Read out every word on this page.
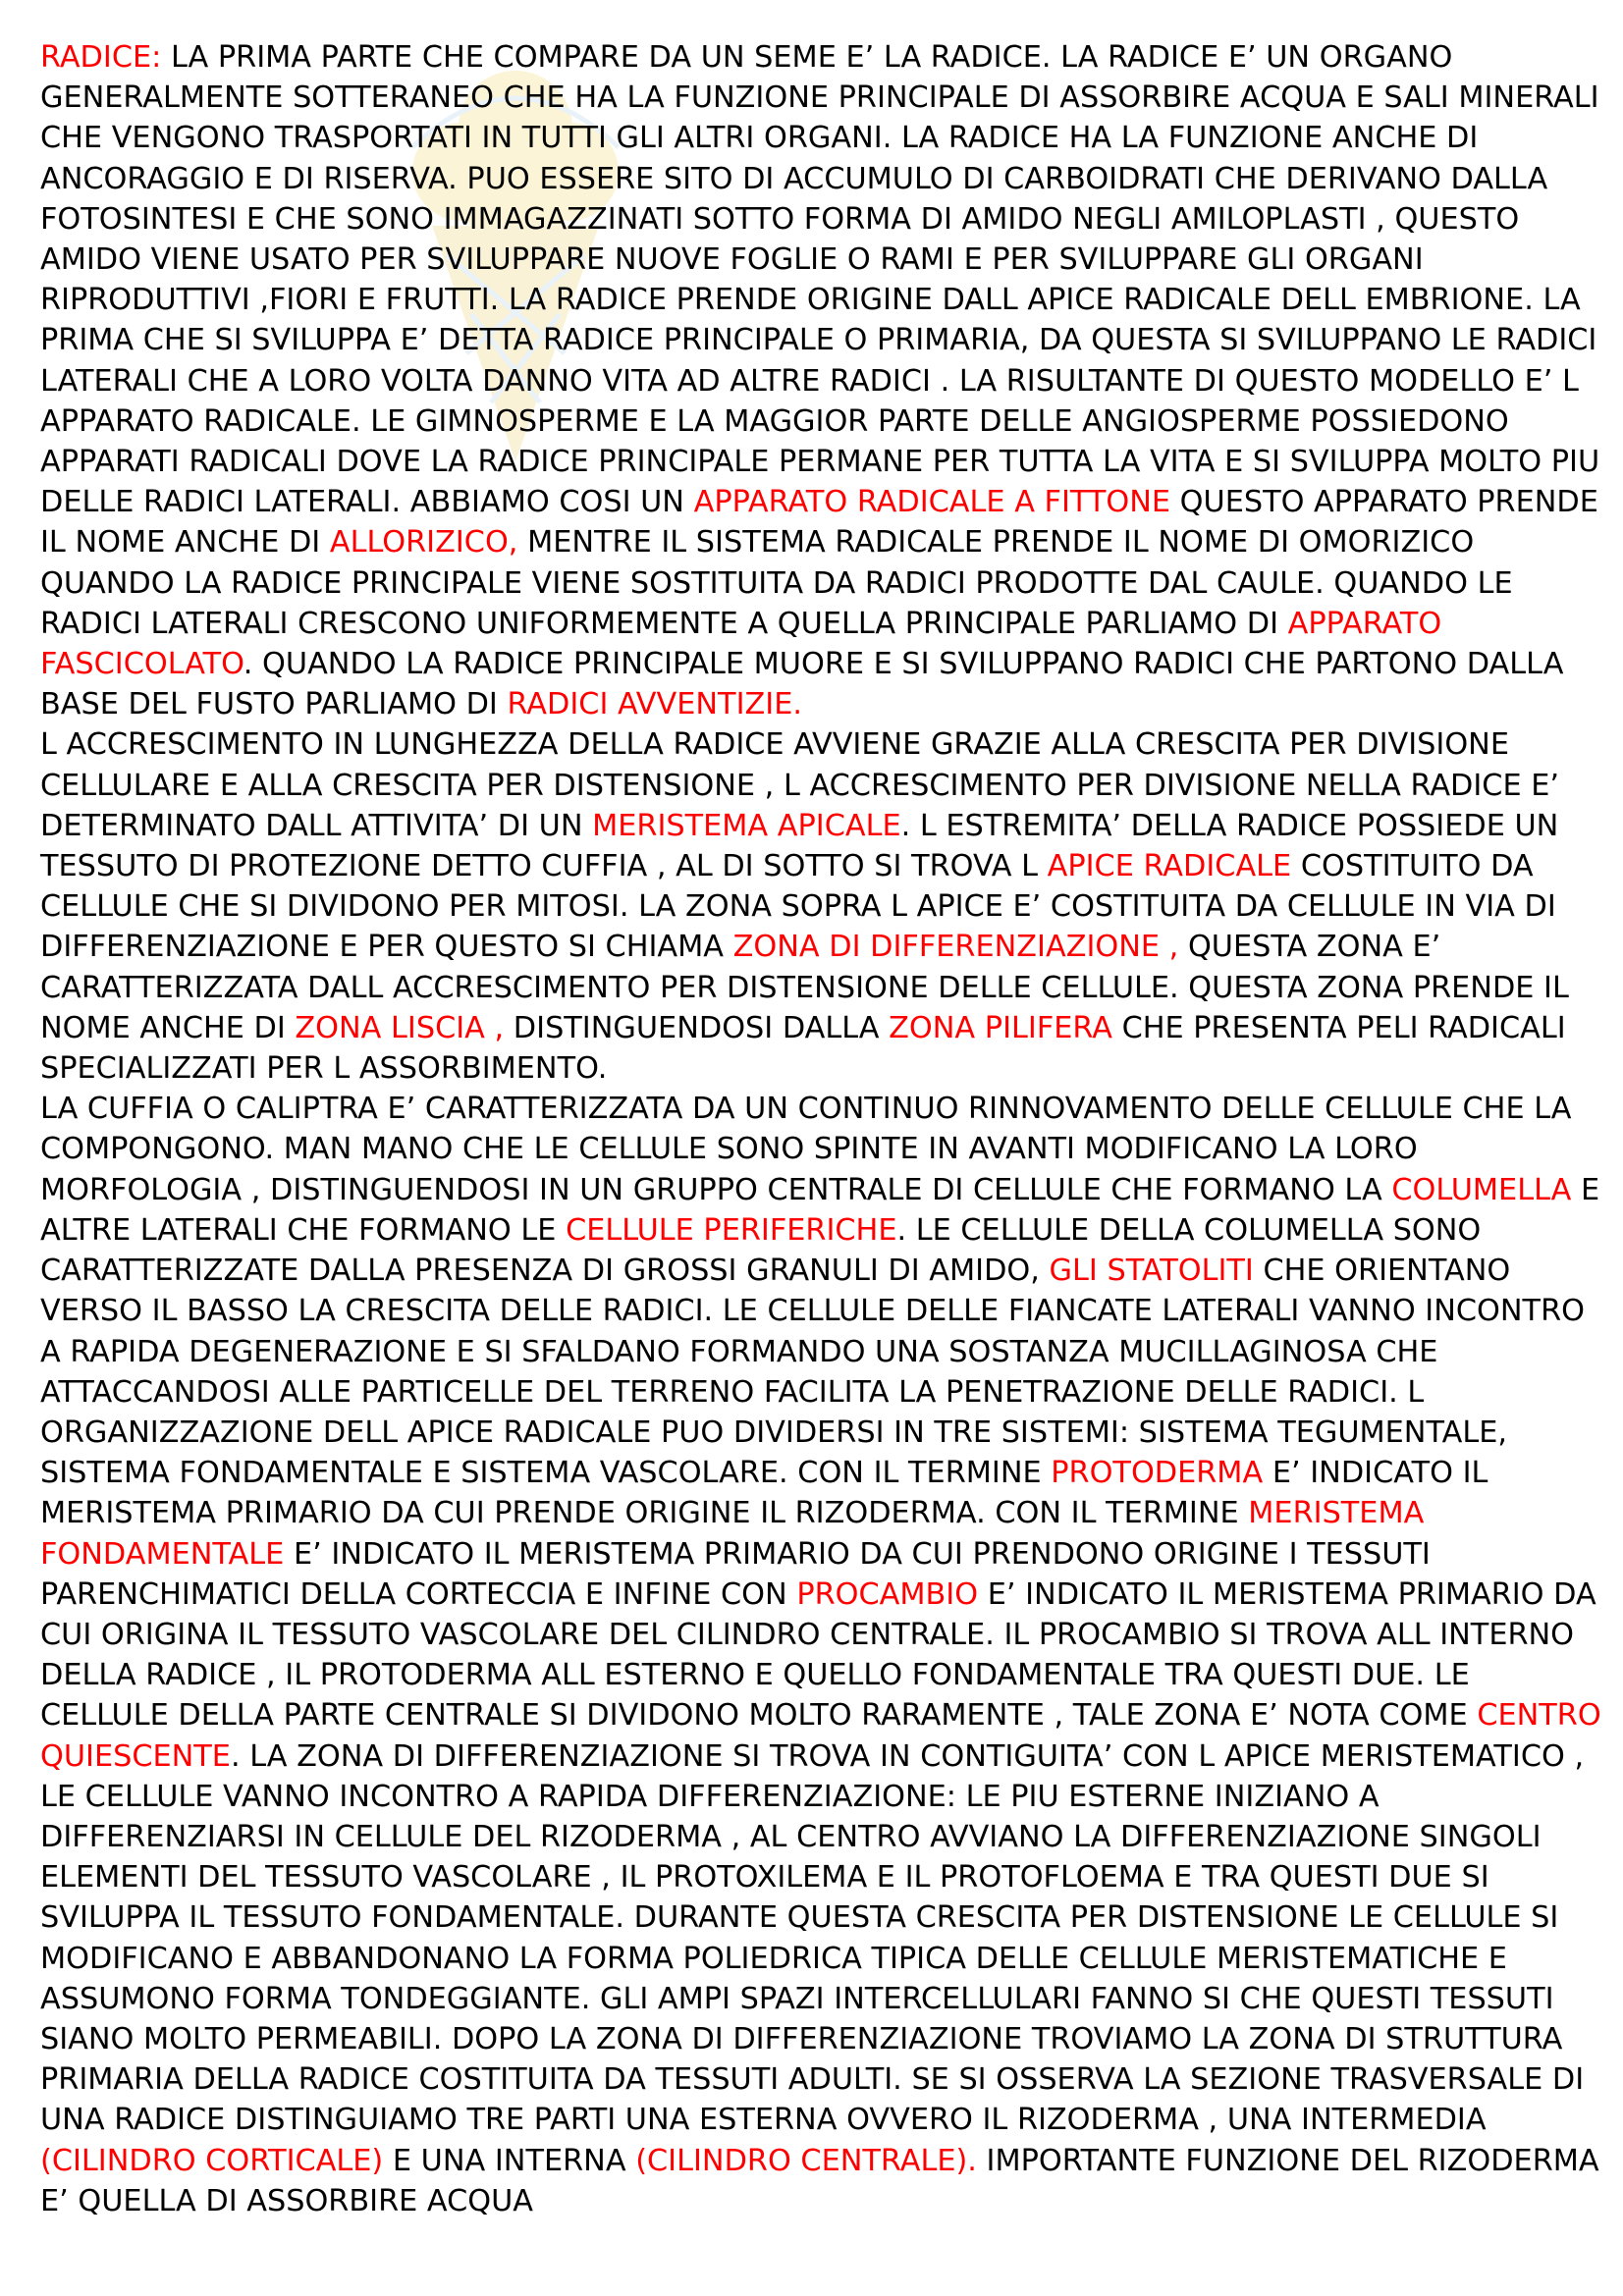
RADICE: LA PRIMA PARTE CHE COMPARE DA UN SEME E’ LA RADICE. LA RADICE E’ UN ORGANO GENERALMENTE SOTTERANEO CHE HA LA FUNZIONE PRINCIPALE DI ASSORBIRE ACQUA E SALI MINERALI CHE VENGONO TRASPORTATI IN TUTTI GLI ALTRI ORGANI. LA RADICE HA LA FUNZIONE ANCHE DI ANCORAGGIO E DI RISERVA. PUO ESSERE SITO DI ACCUMULO DI CARBOIDRATI CHE DERIVANO DALLA FOTOSINTESI E CHE SONO IMMAGAZZINATI SOTTO FORMA DI AMIDO NEGLI AMILOPLASTI , QUESTO AMIDO VIENE USATO PER SVILUPPARE NUOVE FOGLIE O RAMI E PER SVILUPPARE GLI ORGANI RIPRODUTTIVI ,FIORI E FRUTTI. LA RADICE PRENDE ORIGINE DALL APICE RADICALE DELL EMBRIONE. LA PRIMA CHE SI SVILUPPA E’ DETTA RADICE PRINCIPALE O PRIMARIA, DA QUESTA SI SVILUPPANO LE RADICI LATERALI CHE A LORO VOLTA DANNO VITA AD ALTRE RADICI . LA RISULTANTE DI QUESTO MODELLO E’ L APPARATO RADICALE. LE GIMNOSPERME E LA MAGGIOR PARTE DELLE ANGIOSPERME POSSIEDONO APPARATI RADICALI DOVE LA RADICE PRINCIPALE PERMANE PER TUTTA LA VITA E SI SVILUPPA MOLTO PIU DELLE RADICI LATERALI. ABBIAMO COSI UN APPARATO RADICALE A FITTONE QUESTO APPARATO PRENDE IL NOME ANCHE DI ALLORIZICO, MENTRE IL SISTEMA RADICALE PRENDE IL NOME DI OMORIZICO QUANDO LA RADICE PRINCIPALE VIENE SOSTITUITA DA RADICI PRODOTTE DAL CAULE. QUANDO LE RADICI LATERALI CRESCONO UNIFORMEMENTE A QUELLA PRINCIPALE PARLIAMO DI APPARATO FASCICOLATO. QUANDO LA RADICE PRINCIPALE MUORE E SI SVILUPPANO RADICI CHE PARTONO DALLA BASE DEL FUSTO PARLIAMO DI RADICI AVVENTIZIE.

L ACCRESCIMENTO IN LUNGHEZZA DELLA RADICE AVVIENE GRAZIE ALLA CRESCITA PER DIVISIONE CELLULARE E ALLA CRESCITA PER DISTENSIONE , L ACCRESCIMENTO PER DIVISIONE NELLA RADICE E’ DETERMINATO DALL ATTIVITA’ DI UN MERISTEMA APICALE. L ESTREMITA’ DELLA RADICE POSSIEDE UN TESSUTO DI PROTEZIONE DETTO CUFFIA , AL DI SOTTO SI TROVA L APICE RADICALE COSTITUITO DA CELLULE CHE SI DIVIDONO PER MITOSI. LA ZONA SOPRA L APICE E’ COSTITUITA DA CELLULE IN VIA DI DIFFERENZIAZIONE E PER QUESTO SI CHIAMA ZONA DI DIFFERENZIAZIONE , QUESTA ZONA E’ CARATTERIZZATA DALL ACCRESCIMENTO PER DISTENSIONE DELLE CELLULE. QUESTA ZONA PRENDE IL NOME ANCHE DI ZONA LISCIA , DISTINGUENDOSI DALLA ZONA PILIFERA CHE PRESENTA PELI RADICALI SPECIALIZZATI PER L ASSORBIMENTO.

LA CUFFIA O CALIPTRA E’ CARATTERIZZATA DA UN CONTINUO RINNOVAMENTO DELLE CELLULE CHE LA COMPONGONO. MAN MANO CHE LE CELLULE SONO SPINTE IN AVANTI MODIFICANO LA LORO MORFOLOGIA , DISTINGUENDOSI IN UN GRUPPO CENTRALE DI CELLULE CHE FORMANO LA COLUMELLA E ALTRE LATERALI CHE FORMANO LE CELLULE PERIFERICHE. LE CELLULE DELLA COLUMELLA SONO CARATTERIZZATE DALLA PRESENZA DI GROSSI GRANULI DI AMIDO, GLI STATOLITI CHE ORIENTANO VERSO IL BASSO LA CRESCITA DELLE RADICI. LE CELLULE DELLE FIANCATE LATERALI VANNO INCONTRO A RAPIDA DEGENERAZIONE E SI SFALDANO FORMANDO UNA SOSTANZA MUCILLAGINOSA CHE ATTACCANDOSI ALLE PARTICELLE DEL TERRENO FACILITA LA PENETRAZIONE DELLE RADICI. L ORGANIZZAZIONE DELL APICE RADICALE PUO DIVIDERSI IN TRE SISTEMI: SISTEMA TEGUMENTALE, SISTEMA FONDAMENTALE E SISTEMA VASCOLARE. CON IL TERMINE PROTODERMA E’ INDICATO IL MERISTEMA PRIMARIO DA CUI PRENDE ORIGINE IL RIZODERMA. CON IL TERMINE MERISTEMA FONDAMENTALE E’ INDICATO IL MERISTEMA PRIMARIO DA CUI PRENDONO ORIGINE I TESSUTI PARENCHIMATICI DELLA CORTECCIA E INFINE CON PROCAMBIO E’ INDICATO IL MERISTEMA PRIMARIO DA CUI ORIGINA IL TESSUTO VASCOLARE DEL CILINDRO CENTRALE. IL PROCAMBIO SI TROVA ALL INTERNO DELLA RADICE , IL PROTODERMA ALL ESTERNO E QUELLO FONDAMENTALE TRA QUESTI DUE. LE CELLULE DELLA PARTE CENTRALE SI DIVIDONO MOLTO RARAMENTE , TALE ZONA E’ NOTA COME CENTRO QUIESCENTE. LA ZONA DI DIFFERENZIAZIONE SI TROVA IN CONTIGUITA’ CON L APICE MERISTEMATICO , LE CELLULE VANNO INCONTRO A RAPIDA DIFFERENZIAZIONE: LE PIU ESTERNE INIZIANO A DIFFERENZIARSI IN CELLULE DEL RIZODERMA , AL CENTRO AVVIANO LA DIFFERENZIAZIONE SINGOLI ELEMENTI DEL TESSUTO VASCOLARE , IL PROTOXILEMA E IL PROTOFLOEMA E TRA QUESTI DUE SI SVILUPPA IL TESSUTO FONDAMENTALE. DURANTE QUESTA CRESCITA PER DISTENSIONE LE CELLULE SI MODIFICANO E ABBANDONANO LA FORMA POLIEDRICA TIPICA DELLE CELLULE MERISTEMATICHE E ASSUMONO FORMA TONDEGGIANTE. GLI AMPI SPAZI INTERCELLULARI FANNO SI CHE QUESTI TESSUTI SIANO MOLTO PERMEABILI. DOPO LA ZONA DI DIFFERENZIAZIONE TROVIAMO LA ZONA DI STRUTTURA PRIMARIA DELLA RADICE COSTITUITA DA TESSUTI ADULTI. SE SI OSSERVA LA SEZIONE TRASVERSALE DI UNA RADICE DISTINGUIAMO TRE PARTI UNA ESTERNA OVVERO IL RIZODERMA , UNA INTERMEDIA (CILINDRO CORTICALE) E UNA INTERNA (CILINDRO CENTRALE). IMPORTANTE FUNZIONE DEL RIZODERMA E’ QUELLA DI ASSORBIRE ACQUA
